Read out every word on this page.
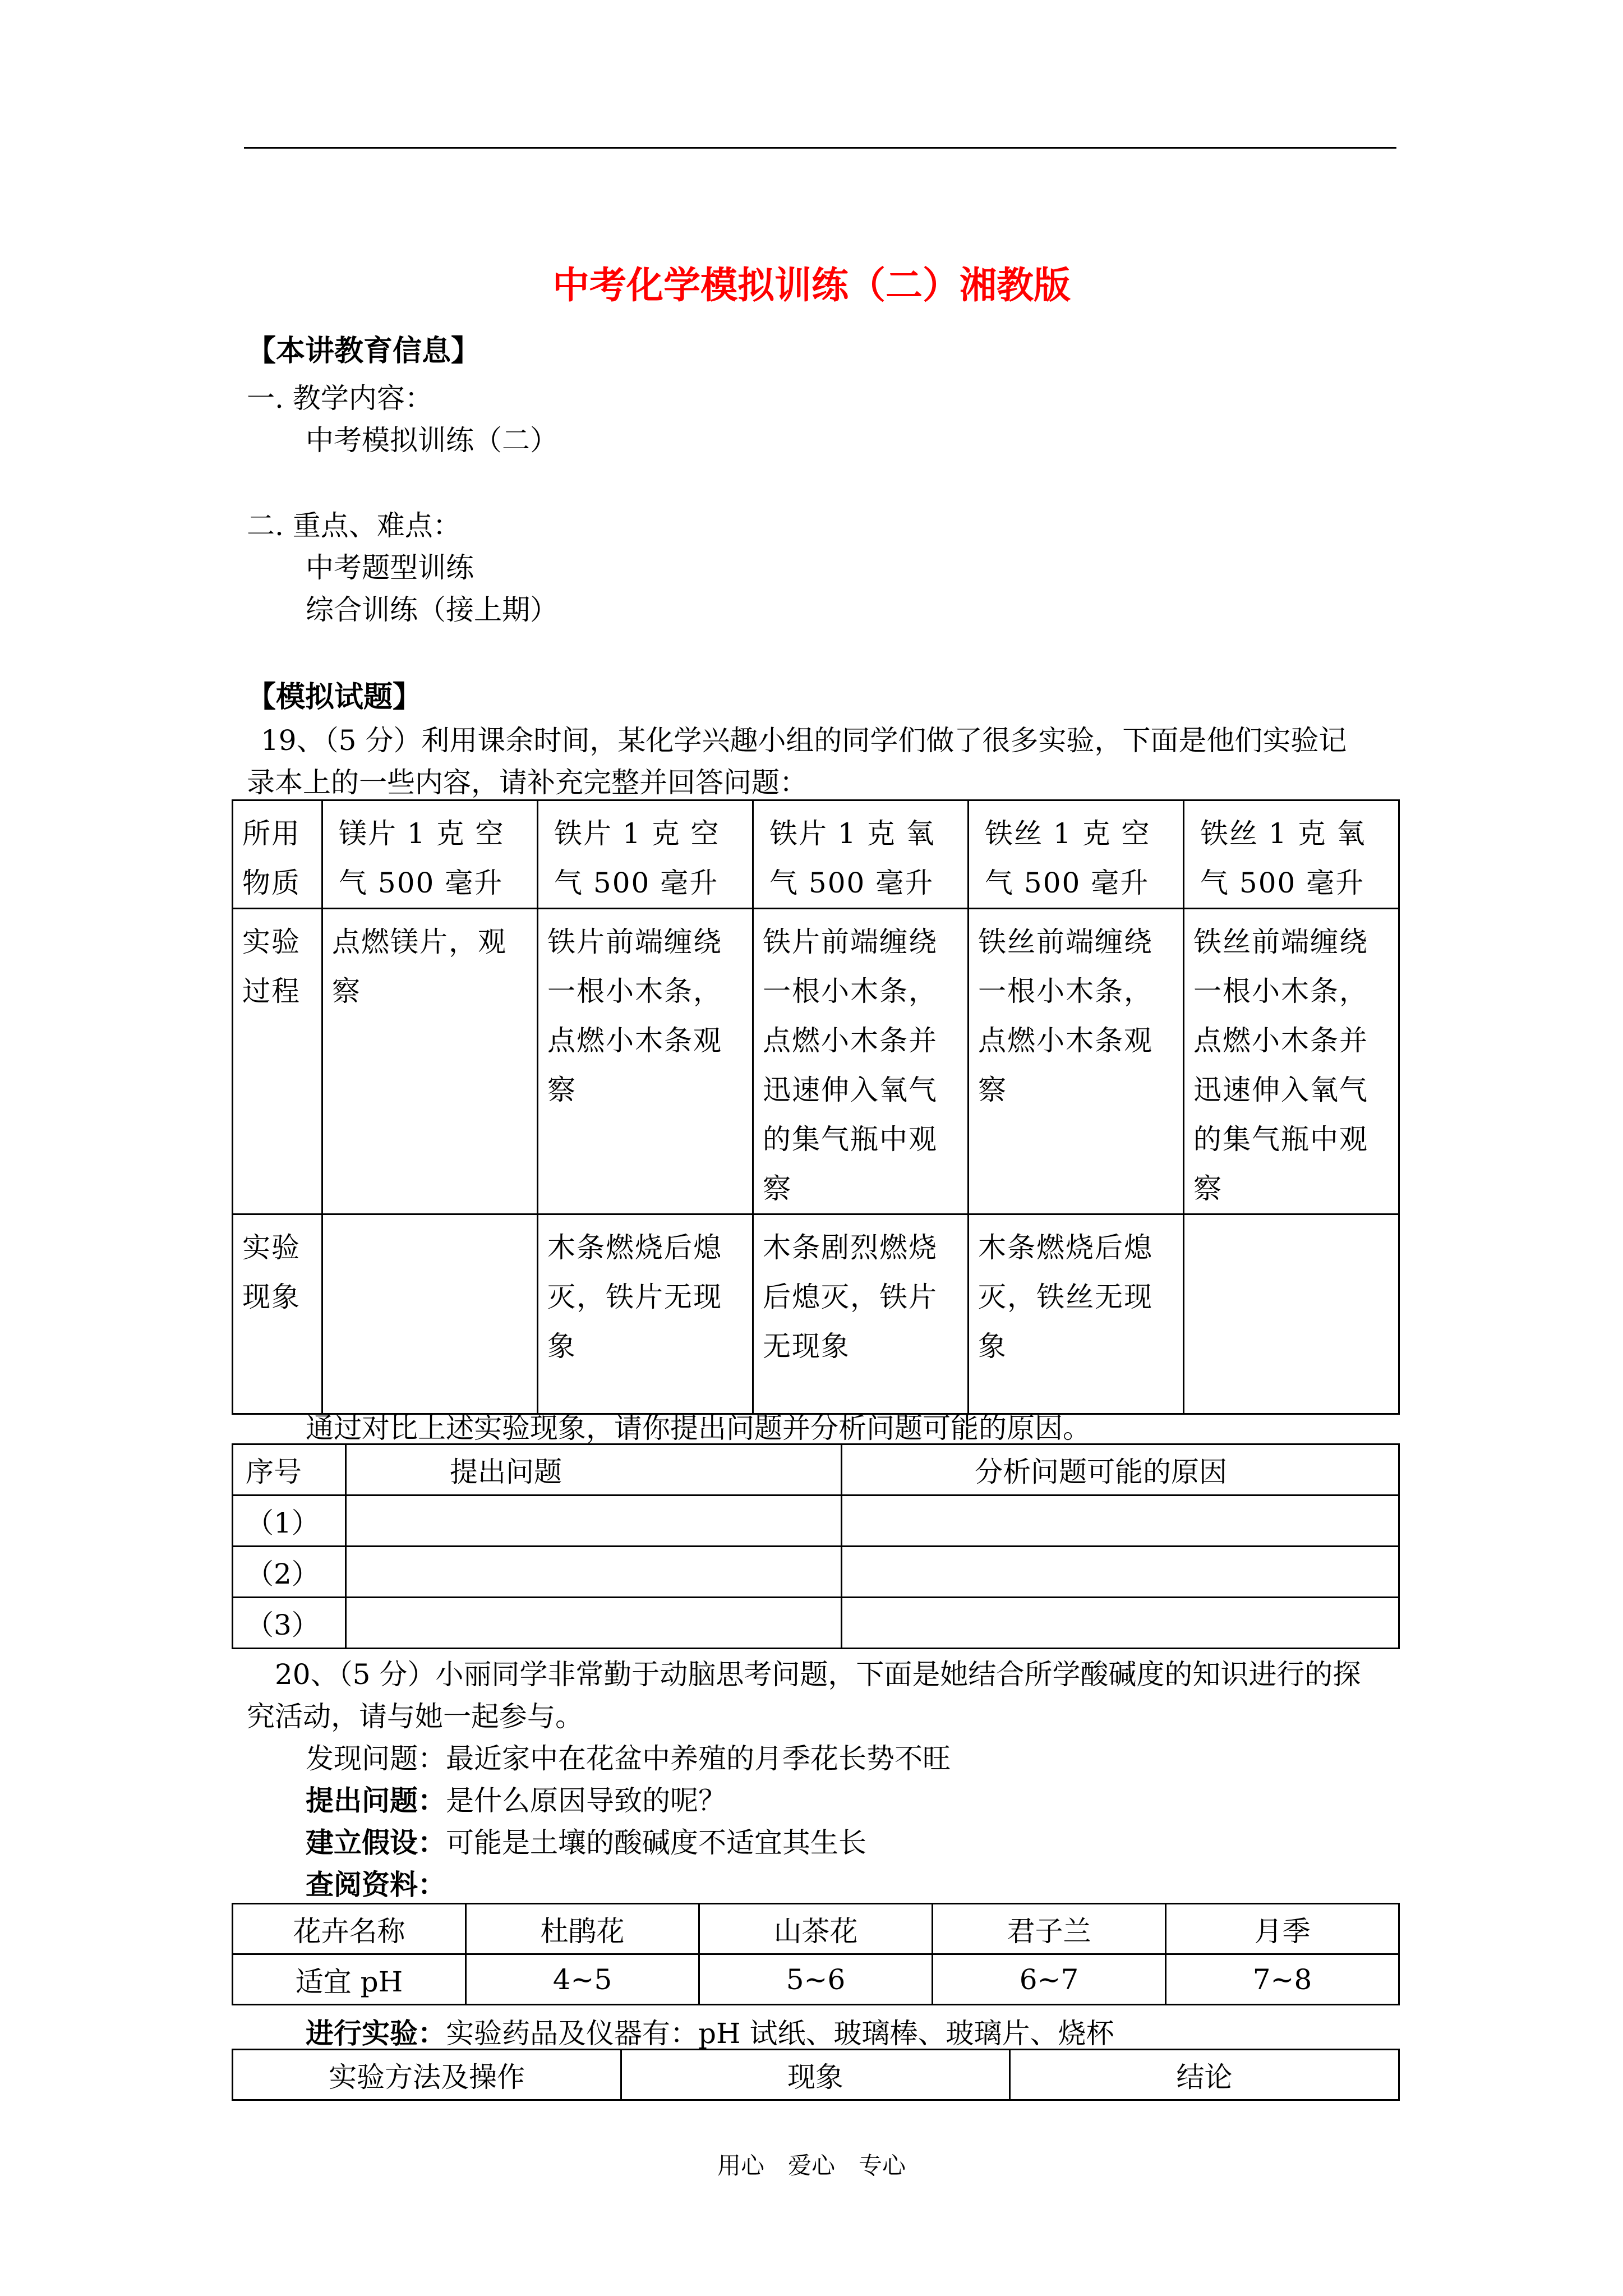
中考化学模拟训练（二）湘教版
【本讲教育信息】
一. 教学内容：
中考模拟训练（二）
二. 重点、难点：
中考题型训练
综合训练（接上期）
【模拟试题】
19、（5 分）利用课余时间，某化学兴趣小组的同学们做了很多实验，下面是他们实验记
录本上的一些内容，请补充完整并回答问题：
所用物质	镁片 1 克 空气 500 毫升	铁片 1 克 空气 500 毫升	铁片 1 克 氧气 500 毫升	铁丝 1 克 空气 500 毫升	铁丝 1 克 氧气 500 毫升

实验过程	点燃镁片，观察	铁片前端缠绕一根小木条，点燃小木条观察	铁片前端缠绕一根小木条，点燃小木条并迅速伸入氧气的集气瓶中观察	铁丝前端缠绕一根小木条，点燃小木条观察	铁丝前端缠绕一根小木条，点燃小木条并迅速伸入氧气的集气瓶中观察

实验现象		木条燃烧后熄灭，铁片无现象	木条剧烈燃烧后熄灭，铁片无现象	木条燃烧后熄灭，铁丝无现象	

通过对比上述实验现象，请你提出问题并分析问题可能的原因。
序号	提出问题	分析问题可能的原因
（1）		
（2）		
（3）		
20、（5 分）小丽同学非常勤于动脑思考问题，下面是她结合所学酸碱度的知识进行的探
究活动，请与她一起参与。
发现问题：最近家中在花盆中养殖的月季花长势不旺
提出问题：是什么原因导致的呢？
建立假设：可能是土壤的酸碱度不适宜其生长
查阅资料：
花卉名称	杜鹃花	山茶花	君子兰	月季
适宜 pH	4~5	5~6	6~7	7~8
进行实验：实验药品及仪器有：pH 试纸、玻璃棒、玻璃片、烧杯
实验方法及操作	现象	结论
用心　爱心　专心
